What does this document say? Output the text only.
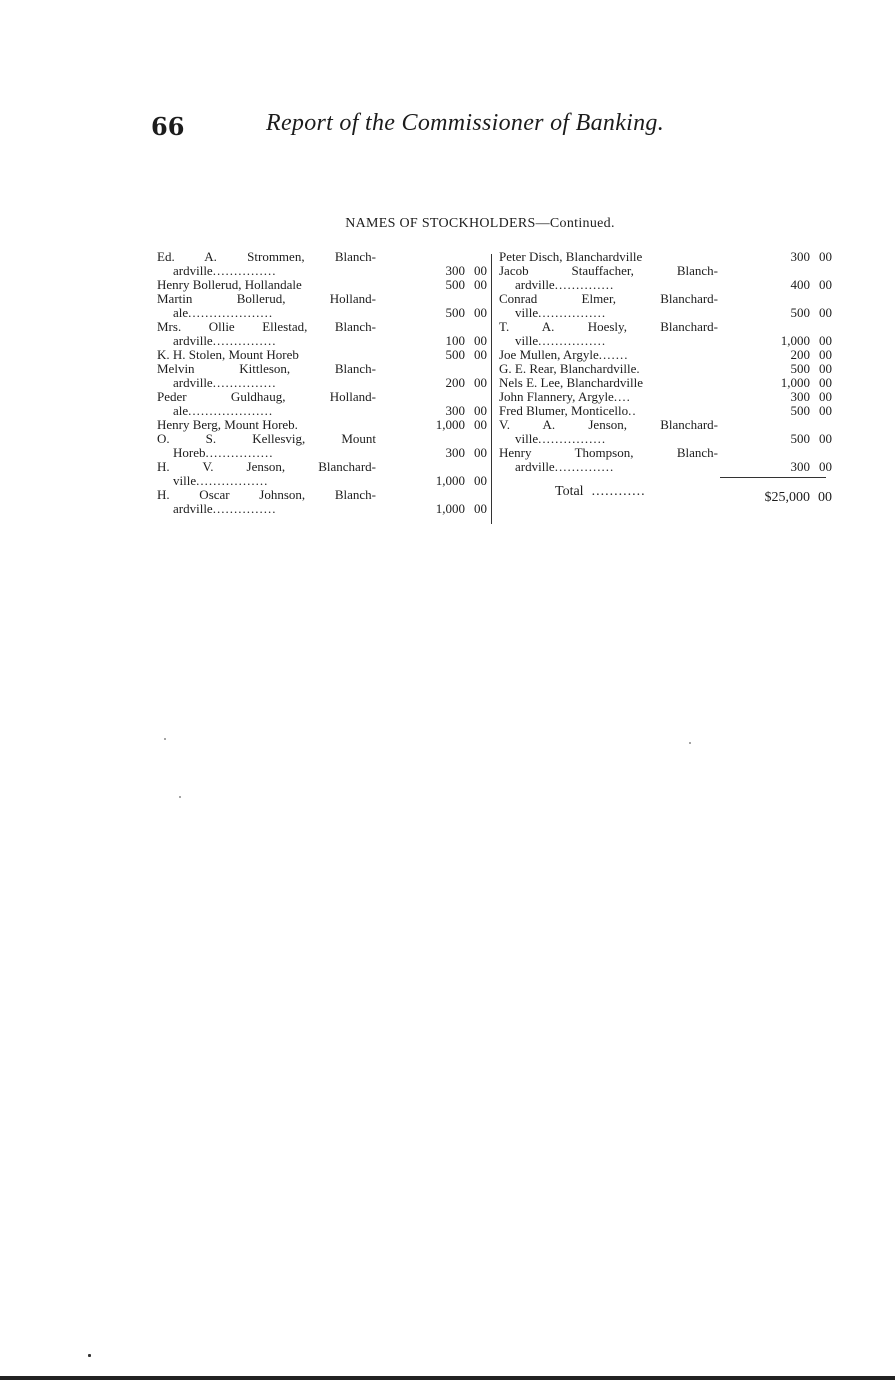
66	Report of the Commissioner of Banking.
NAMES OF STOCKHOLDERS—Continued.
Ed. A. Strommen, Blanch-
ardville ...............	300 00
Henry Bollerud, Hollandale	500 00
Martin Bollerud, Holland-
ale ....................	500 00
Mrs. Ollie Ellestad, Blanch-
ardville ...............	100 00
K. H. Stolen, Mount Horeb	500 00
Melvin Kittleson, Blanch-
ardville ...............	200 00
Peder Guldhaug, Holland-
ale ....................	300 00
Henry Berg, Mount Horeb.	1,000 00
O. S. Kellesvig, Mount
Horeb ................	300 00
H. V. Jenson, Blanchard-
ville .................	1,000 00
H. Oscar Johnson, Blanch-
ardville ...............	1,000 00
Peter Disch, Blanchardville	300 00
Jacob Stauffacher, Blanch-
ardville ..............	400 00
Conrad Elmer, Blanchard-
ville ................	500 00
T. A. Hoesly, Blanchard-
ville ................	1,000 00
Joe Mullen, Argyle .......	200 00
G. E. Rear, Blanchardville.	500 00
Nels E. Lee, Blanchardville	1,000 00
John Flannery, Argyle ....	300 00
Fred Blumer, Monticello ..	500 00
V. A. Jenson, Blanchard-
ville ................	500 00
Henry Thompson, Blanch-
ardville ..............	300 00
Total ............	$25,000 00
